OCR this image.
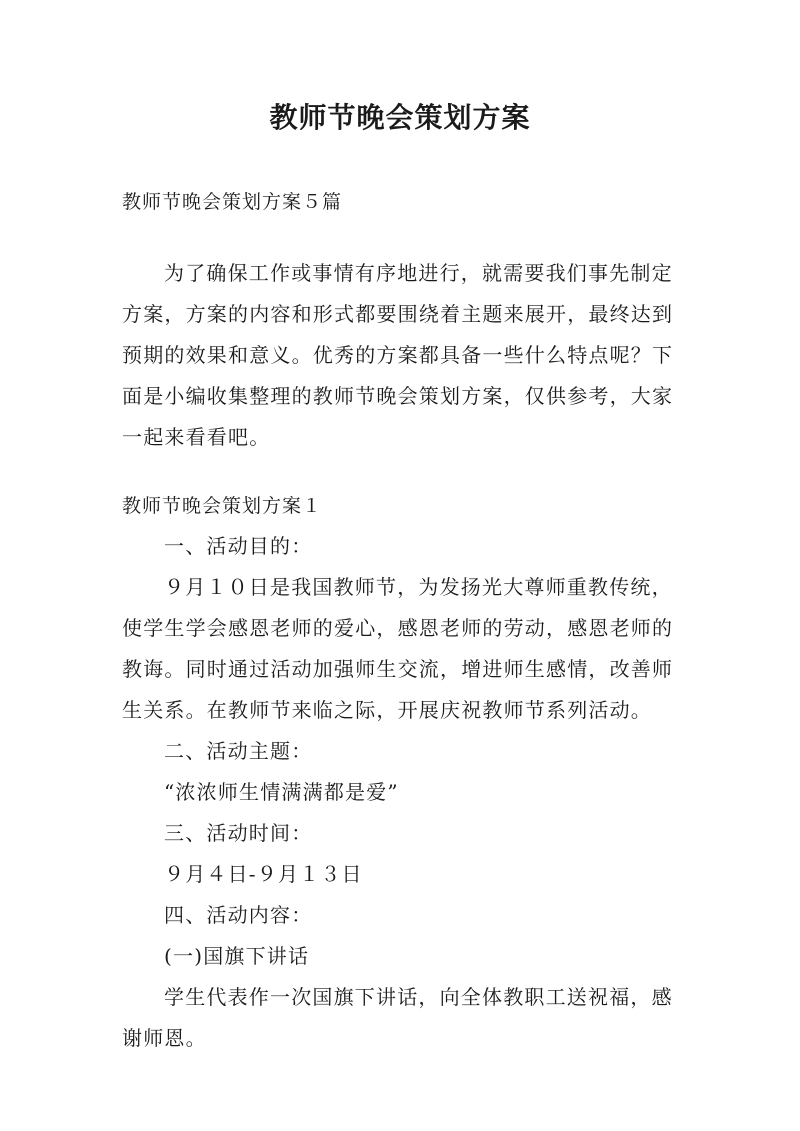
教师节晚会策划方案
教师节晚会策划方案５篇

为了确保工作或事情有序地进行，就需要我们事先制定方案，方案的内容和形式都要围绕着主题来展开，最终达到预期的效果和意义。优秀的方案都具备一些什么特点呢？下面是小编收集整理的教师节晚会策划方案，仅供参考，大家一起来看看吧。

教师节晚会策划方案１
一、活动目的：

９月１０日是我国教师节，为发扬光大尊师重教传统，使学生学会感恩老师的爱心，感恩老师的劳动，感恩老师的教诲。同时通过活动加强师生交流，增进师生感情，改善师生关系。在教师节来临之际，开展庆祝教师节系列活动。

二、活动主题：
“浓浓师生情满满都是爱”
三、活动时间：
９月４日-９月１３日
四、活动内容：
(一)国旗下讲话

学生代表作一次国旗下讲话，向全体教职工送祝福，感谢师恩。
